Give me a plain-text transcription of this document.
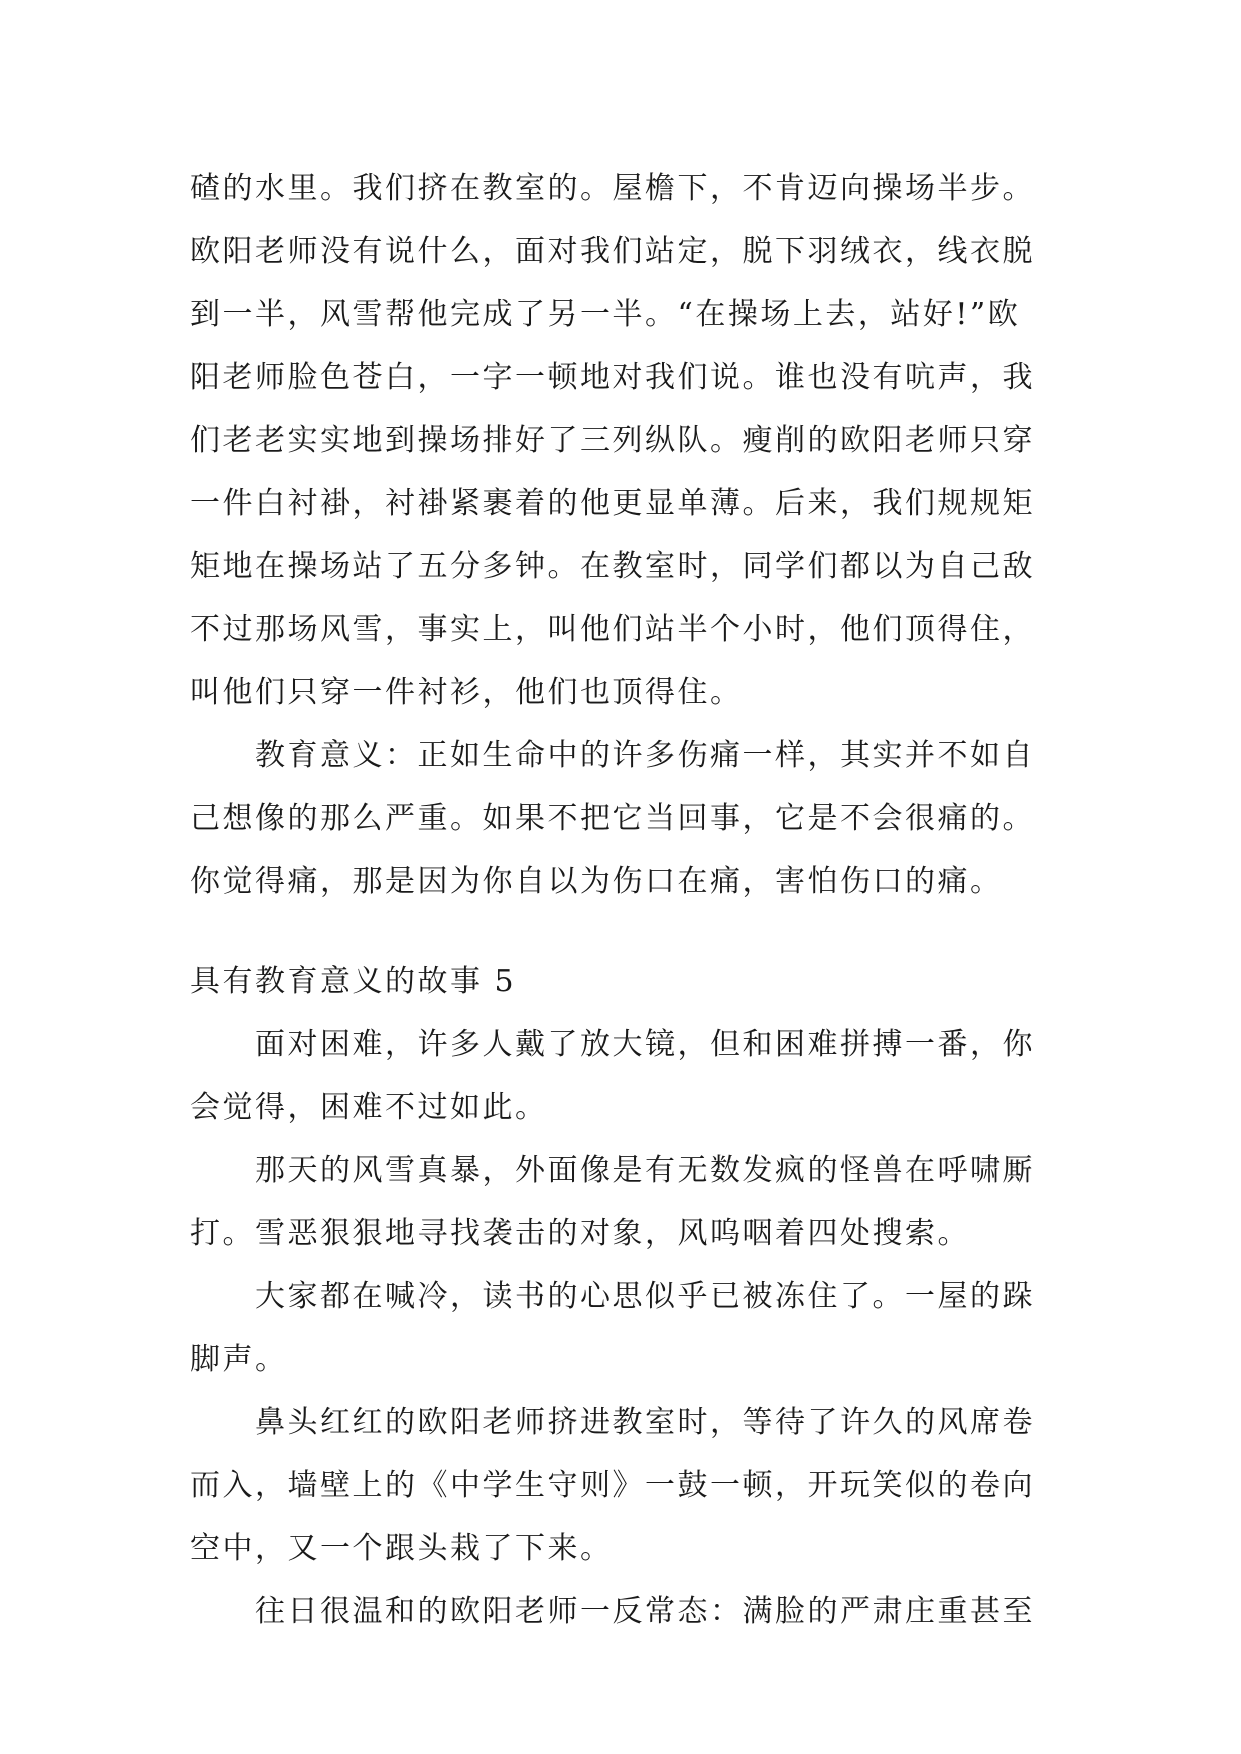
碴的水里。我们挤在教室的。屋檐下，不肯迈向操场半步。
欧阳老师没有说什么，面对我们站定，脱下羽绒衣，线衣脱
到一半，风雪帮他完成了另一半。“在操场上去，站好!”欧
阳老师脸色苍白，一字一顿地对我们说。谁也没有吭声，我
们老老实实地到操场排好了三列纵队。瘦削的欧阳老师只穿
一件白衬褂，衬褂紧裹着的他更显单薄。后来，我们规规矩
矩地在操场站了五分多钟。在教室时，同学们都以为自己敌
不过那场风雪，事实上，叫他们站半个小时，他们顶得住，
叫他们只穿一件衬衫，他们也顶得住。
教育意义：正如生命中的许多伤痛一样，其实并不如自
己想像的那么严重。如果不把它当回事，它是不会很痛的。
你觉得痛，那是因为你自以为伤口在痛，害怕伤口的痛。
具有教育意义的故事 5
面对困难，许多人戴了放大镜，但和困难拼搏一番，你
会觉得，困难不过如此。
那天的风雪真暴，外面像是有无数发疯的怪兽在呼啸厮
打。雪恶狠狠地寻找袭击的对象，风呜咽着四处搜索。
大家都在喊冷，读书的心思似乎已被冻住了。一屋的跺
脚声。
鼻头红红的欧阳老师挤进教室时，等待了许久的风席卷
而入，墙壁上的《中学生守则》一鼓一顿，开玩笑似的卷向
空中，又一个跟头栽了下来。
往日很温和的欧阳老师一反常态：满脸的严肃庄重甚至
